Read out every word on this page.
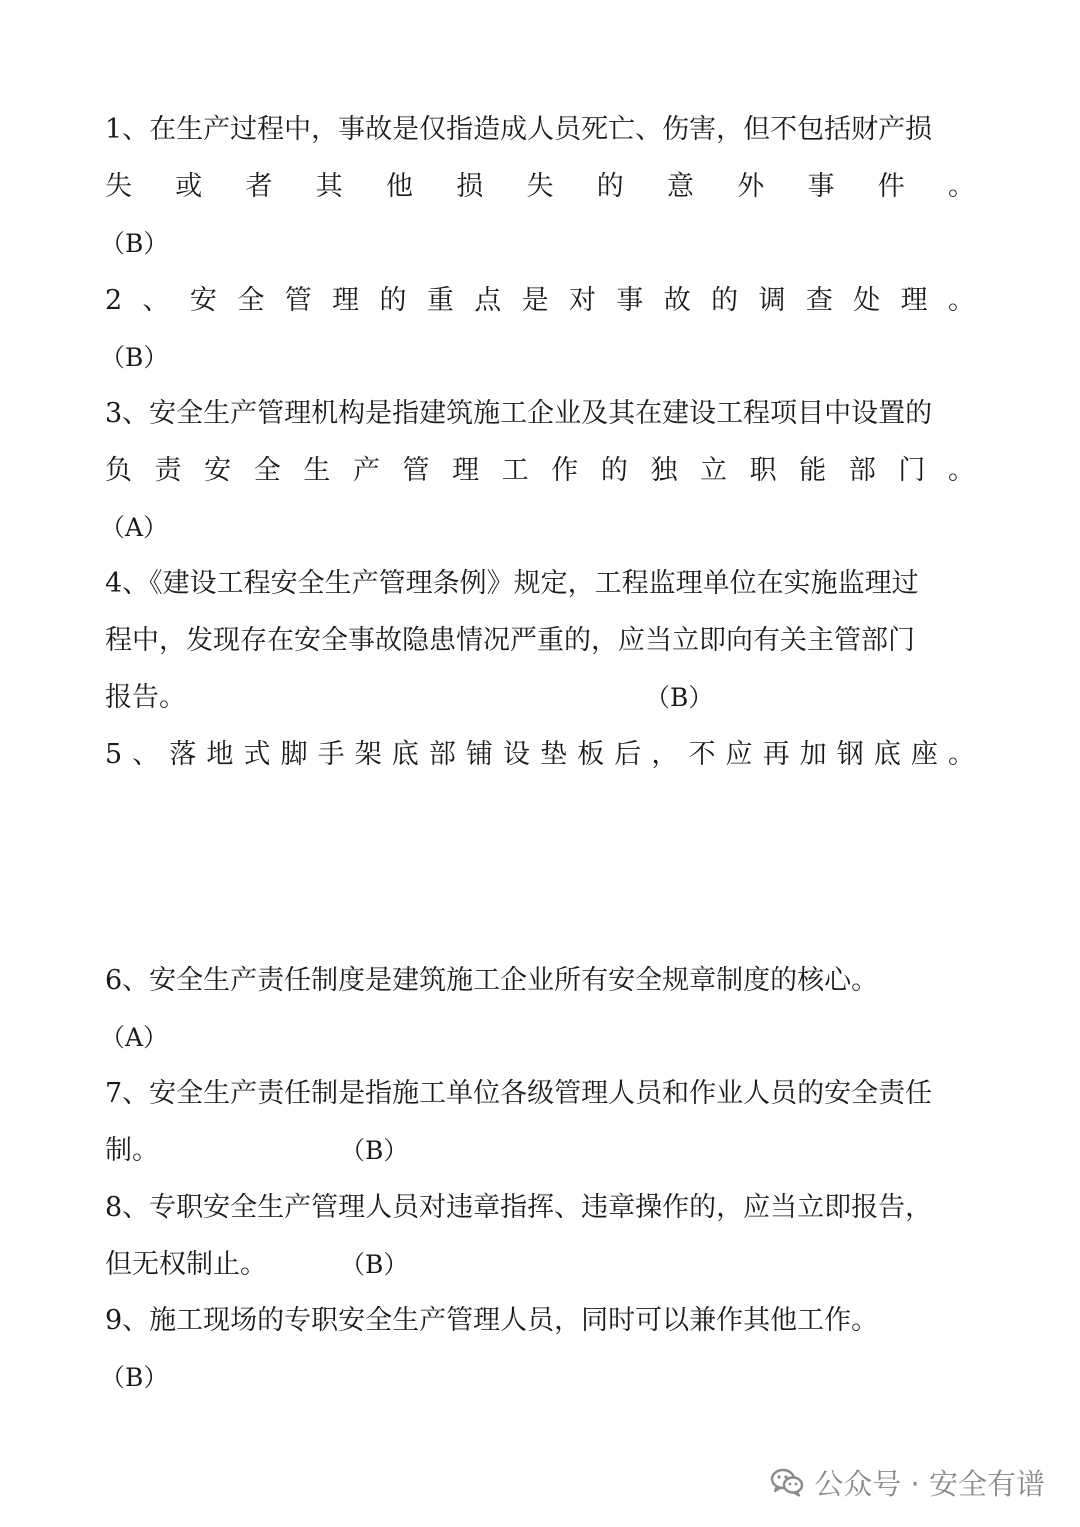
1、在生产过程中，事故是仅指造成人员死亡、伤害，但不包括财产损
失或者其他损失的意外事件。
（B）
2、安全管理的重点是对事故的调查处理。
（B）
3、安全生产管理机构是指建筑施工企业及其在建设工程项目中设置的
负责安全生产管理工作的独立职能部门。
（A）
4、《建设工程安全生产管理条例》规定，工程监理单位在实施监理过
程中，发现存在安全事故隐患情况严重的，应当立即向有关主管部门
报告。	（B）
5、落地式脚手架底部铺设垫板后，不应再加钢底座。
6、安全生产责任制度是建筑施工企业所有安全规章制度的核心。
（A）
7、安全生产责任制是指施工单位各级管理人员和作业人员的安全责任
制。	（B）
8、专职安全生产管理人员对违章指挥、违章操作的，应当立即报告，
但无权制止。	（B）
9、施工现场的专职安全生产管理人员，同时可以兼作其他工作。
（B）
公众号 · 安全有谱
